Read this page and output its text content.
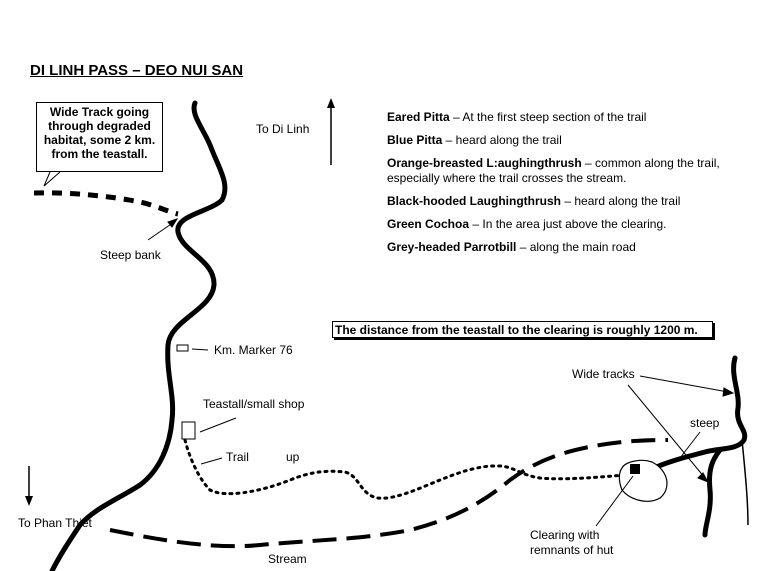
DI LINH PASS – DEO NUI SAN
Wide Track going through degraded habitat, some 2 km. from the teastall.
To Di Linh
To Phan Thiet
Steep bank
Km. Marker 76
Teastall/small shop
Trail	up
Stream
Wide tracks
steep
Clearing with
remnants of hut
The distance from the teastall to the clearing is roughly 1200 m.
Eared Pitta – At the first steep section of the trail
Blue Pitta – heard along the trail
Orange-breasted L:aughingthrush – common along the trail, especially where the trail crosses the stream.
Black-hooded Laughingthrush – heard along the trail
Green Cochoa – In the area just above the clearing.
Grey-headed Parrotbill – along the main road
